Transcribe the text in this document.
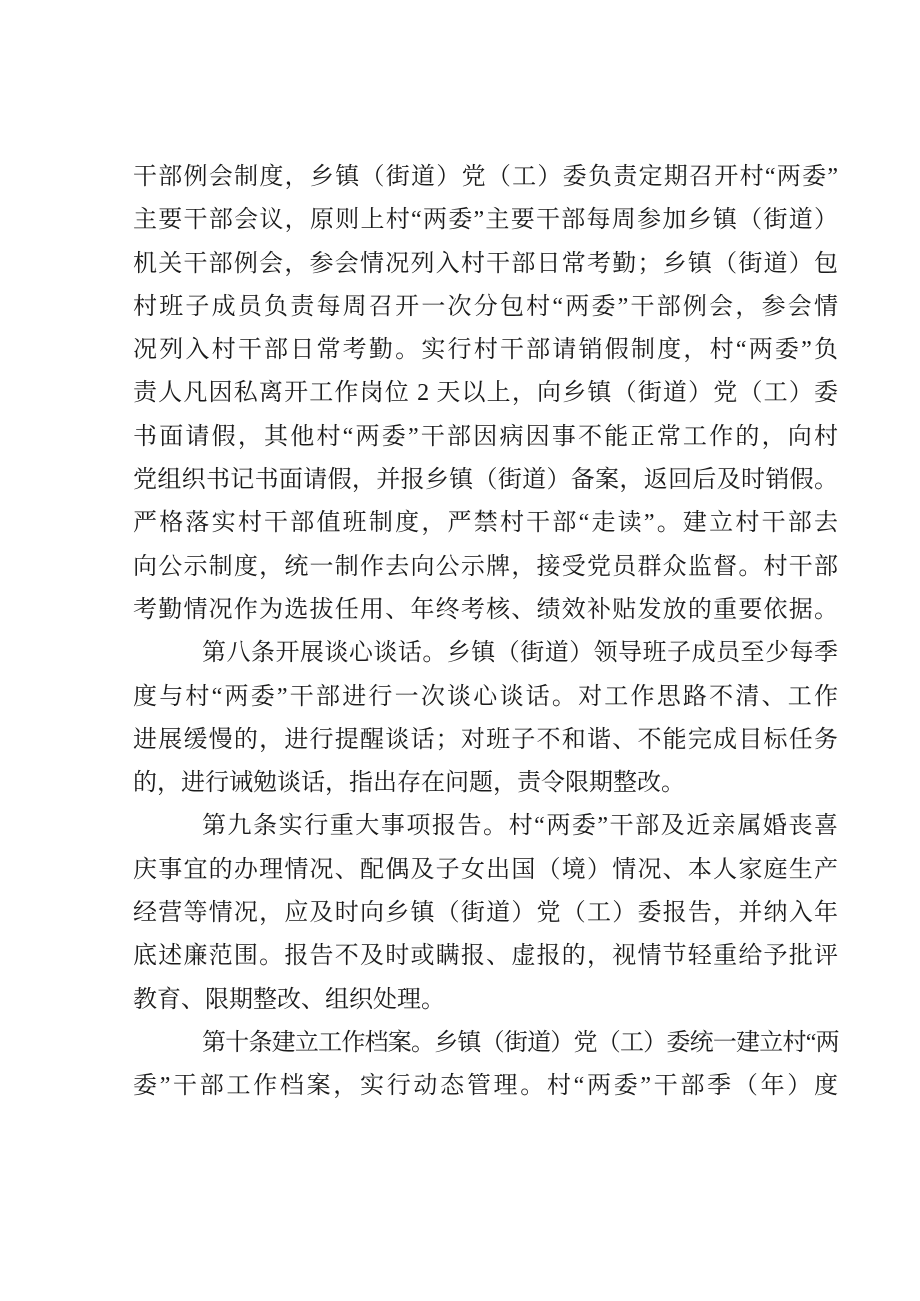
干部例会制度，乡镇（街道）党（工）委负责定期召开村“两委”
主要干部会议，原则上村“两委”主要干部每周参加乡镇（街道）
机关干部例会，参会情况列入村干部日常考勤；乡镇（街道）包
村班子成员负责每周召开一次分包村“两委”干部例会，参会情
况列入村干部日常考勤。实行村干部请销假制度，村“两委”负
责人凡因私离开工作岗位 2 天以上，向乡镇（街道）党（工）委
书面请假，其他村“两委”干部因病因事不能正常工作的，向村
党组织书记书面请假，并报乡镇（街道）备案，返回后及时销假。
严格落实村干部值班制度，严禁村干部“走读”。建立村干部去
向公示制度，统一制作去向公示牌，接受党员群众监督。村干部
考勤情况作为选拔任用、年终考核、绩效补贴发放的重要依据。
第八条开展谈心谈话。乡镇（街道）领导班子成员至少每季
度与村“两委”干部进行一次谈心谈话。对工作思路不清、工作
进展缓慢的，进行提醒谈话；对班子不和谐、不能完成目标任务
的，进行诫勉谈话，指出存在问题，责令限期整改。
第九条实行重大事项报告。村“两委”干部及近亲属婚丧喜
庆事宜的办理情况、配偶及子女出国（境）情况、本人家庭生产
经营等情况，应及时向乡镇（街道）党（工）委报告，并纳入年
底述廉范围。报告不及时或瞒报、虚报的，视情节轻重给予批评
教育、限期整改、组织处理。
第十条建立工作档案。乡镇（街道）党（工）委统一建立村“两
委”干部工作档案，实行动态管理。村“两委”干部季（年）度
